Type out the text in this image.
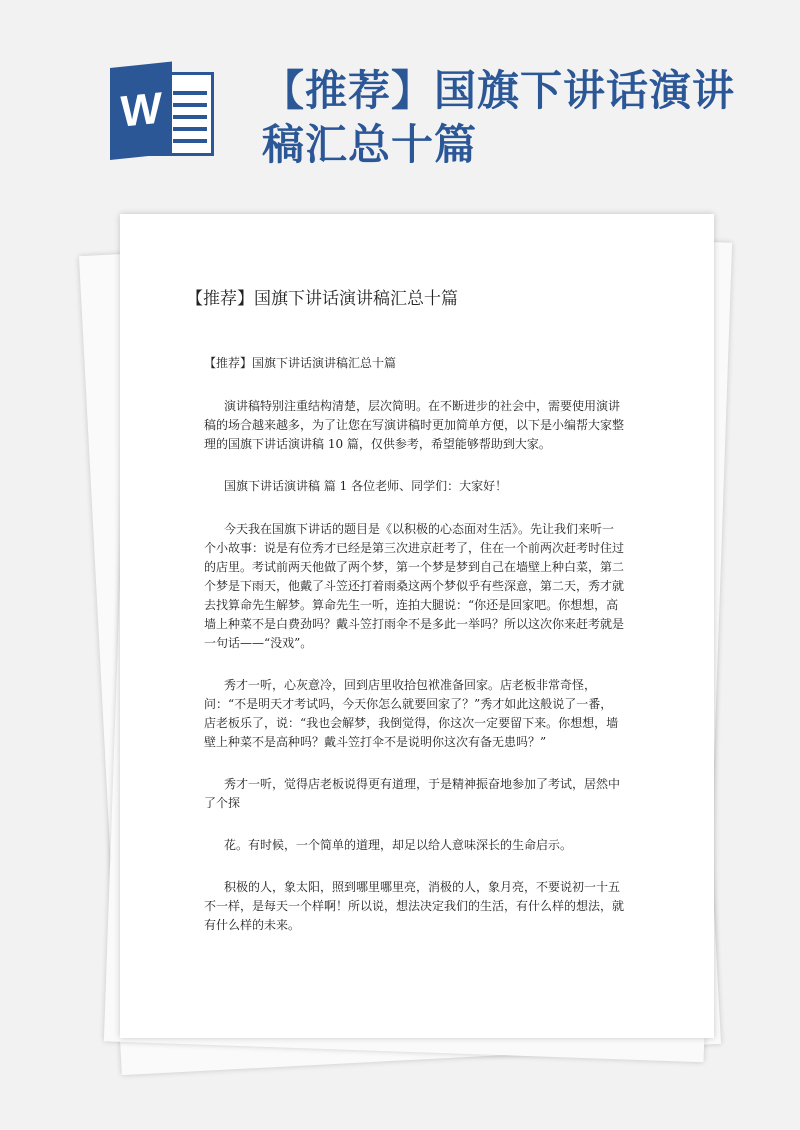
W 【推荐】国旗下讲话演讲稿汇总十篇
【推荐】国旗下讲话演讲稿汇总十篇

【推荐】国旗下讲话演讲稿汇总十篇

演讲稿特别注重结构清楚，层次简明。在不断进步的社会中，需要使用演讲稿的场合越来越多，为了让您在写演讲稿时更加简单方便，以下是小编帮大家整理的国旗下讲话演讲稿 10 篇，仅供参考，希望能够帮助到大家。

国旗下讲话演讲稿 篇 1 各位老师、同学们：大家好！

今天我在国旗下讲话的题目是《以积极的心态面对生活》。先让我们来听一个小故事：说是有位秀才已经是第三次进京赶考了，住在一个前两次赶考时住过的店里。考试前两天他做了两个梦，第一个梦是梦到自己在墙壁上种白菜，第二个梦是下雨天，他戴了斗笠还打着雨桑这两个梦似乎有些深意，第二天，秀才就去找算命先生解梦。算命先生一听，连拍大腿说：“你还是回家吧。你想想，高墙上种菜不是白费劲吗？戴斗笠打雨伞不是多此一举吗？所以这次你来赶考就是一句话——“没戏”。

秀才一听，心灰意冷，回到店里收拾包袱准备回家。店老板非常奇怪，问：“不是明天才考试吗，今天你怎么就要回家了？”秀才如此这般说了一番，店老板乐了，说：“我也会解梦，我倒觉得，你这次一定要留下来。你想想，墙壁上种菜不是高种吗？戴斗笠打伞不是说明你这次有备无患吗？”

秀才一听，觉得店老板说得更有道理，于是精神振奋地参加了考试，居然中了个探

花。有时候，一个简单的道理，却足以给人意味深长的生命启示。

积极的人，象太阳，照到哪里哪里亮，消极的人，象月亮，不要说初一十五不一样，是每天一个样啊！所以说，想法决定我们的生活，有什么样的想法，就有什么样的未来。
